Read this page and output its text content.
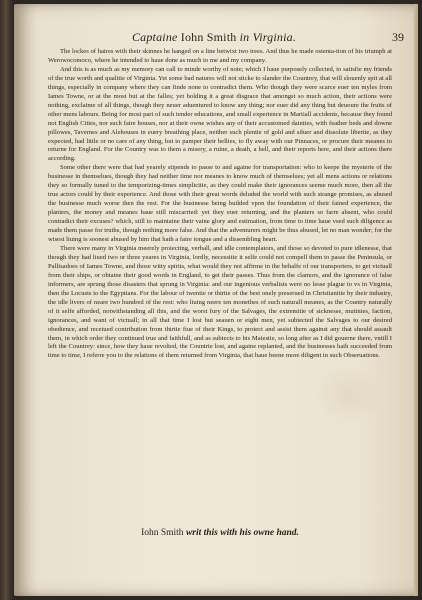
Captaine Iohn Smith in Virginia.	39

The lockes of haires with their skinnes he hanged on a line betwixt two trees. And thus he made ostenta-tion of his triumph at Werowocomoco, where he intended to haue done as much to me and my company.

And this is as much as my memory can call to minde worthy of note; which I haue purposely collected, to satisfie my friends of the true worth and qualitie of Virginia. Yet some bad natures will not sticke to slander the Countrey, that will slouenly spit at all things, especially in company where they can finde none to contradict them. Who though they were scarce euer ten myles from Iames Towne, or at the most but at the falles; yet holding it a great disgrace that amongst so much action, their actions were nothing, exclaime of all things, though they neuer aduentured to know any thing; nor euer did any thing but deuoure the fruits of other mens labours. Being for most part of such tender educations, and small experience in Martiall accidents, because they found not English Cities, nor such faire houses, nor at their owne wishes any of their accustomed dainties, with feather beds and downe pillowes, Tavernes and Alehouses in euery breathing place, neither such plentie of gold and siluer and dissolute libertie, as they expected, had little or no care of any thing, but to pamper their bellies, to fly away with our Pinnaces, or procure their meanes to returne for England. For the Country was to them a misery, a ruine, a death, a hell, and their reports here, and their actions there according.

Some other there were that had yearely stipends to passe to and againe for transportation: who to keepe the mysterie of the businesse in themselues, though they had neither time nor meanes to know much of themselues; yet all mens actions or relations they so formally tuned to the temporizing-times simplicitie, as they could make their ignorances seeme much more, then all the true actors could by their experience. And those with their great words deluded the world with such strange promises, as abused the businesse much worse then the rest. For the businesse being builded vpon the foundation of their fained experience, the planters, the money and meanes haue still miscarried: yet they euer returning, and the planters so farre absent, who could contradict their excuses? which, still to maintaine their vaine glory and estimation, from time to time haue vsed such diligence as made them passe for truths, though nothing more false. And that the adventurers might be thus abused, let no man wonder; for the wisest liuing is soonest abused by him that hath a faire tongue and a dissembling heart.

There were many in Virginia meerely proiecting, verball, and idle contemplators, and those so devoted to pure idlenesse, that though they had liued two or three yeares in Virginia, lordly, necessitie it selfe could not compell them to passe the Peninsula, or Pallisadoes of Iames Towne, and those witty spirits, what would they not affirme in the behalfe of our transporters, to get victuall from their ships, or obtaine their good words in England, to get their passes. Thus from the clamors, and the ignorance of false informers, are sprung those disasters that sprung in Virginia: and our ingenious verbalists were no lesse plague to vs in Virginia, then the Locusts to the Egyptians. For the labour of twentie or thirtie of the best onely preserued in Christianitie by their industry, the idle livers of neare two hundred of the rest: who liuing neere ten monethes of such naturall meanes, as the Country naturally of it selfe afforded, notwithstanding all this, and the worst fury of the Salvages, the extremitie of sicknesse, mutinies, faction, ignorances, and want of victuall; in all that time I lost but seauen or eight men, yet subiected the Salvages to our desired obedience, and receiued contribution from thirtie fiue of their Kings, to protect and assist them against any that should assault them, in which order they continued true and faithfull, and as subiects to his Maiestie, so long after as I did gouerne there, vntill I left the Countrey: since, how they haue revolted, the Countrie lost, and againe replanted, and the businesses hath succeeded from time to time, I referre you to the relations of them returned from Virginia, that haue beene more diligent in such Obseruations.

Iohn Smith writ this with his owne hand.
